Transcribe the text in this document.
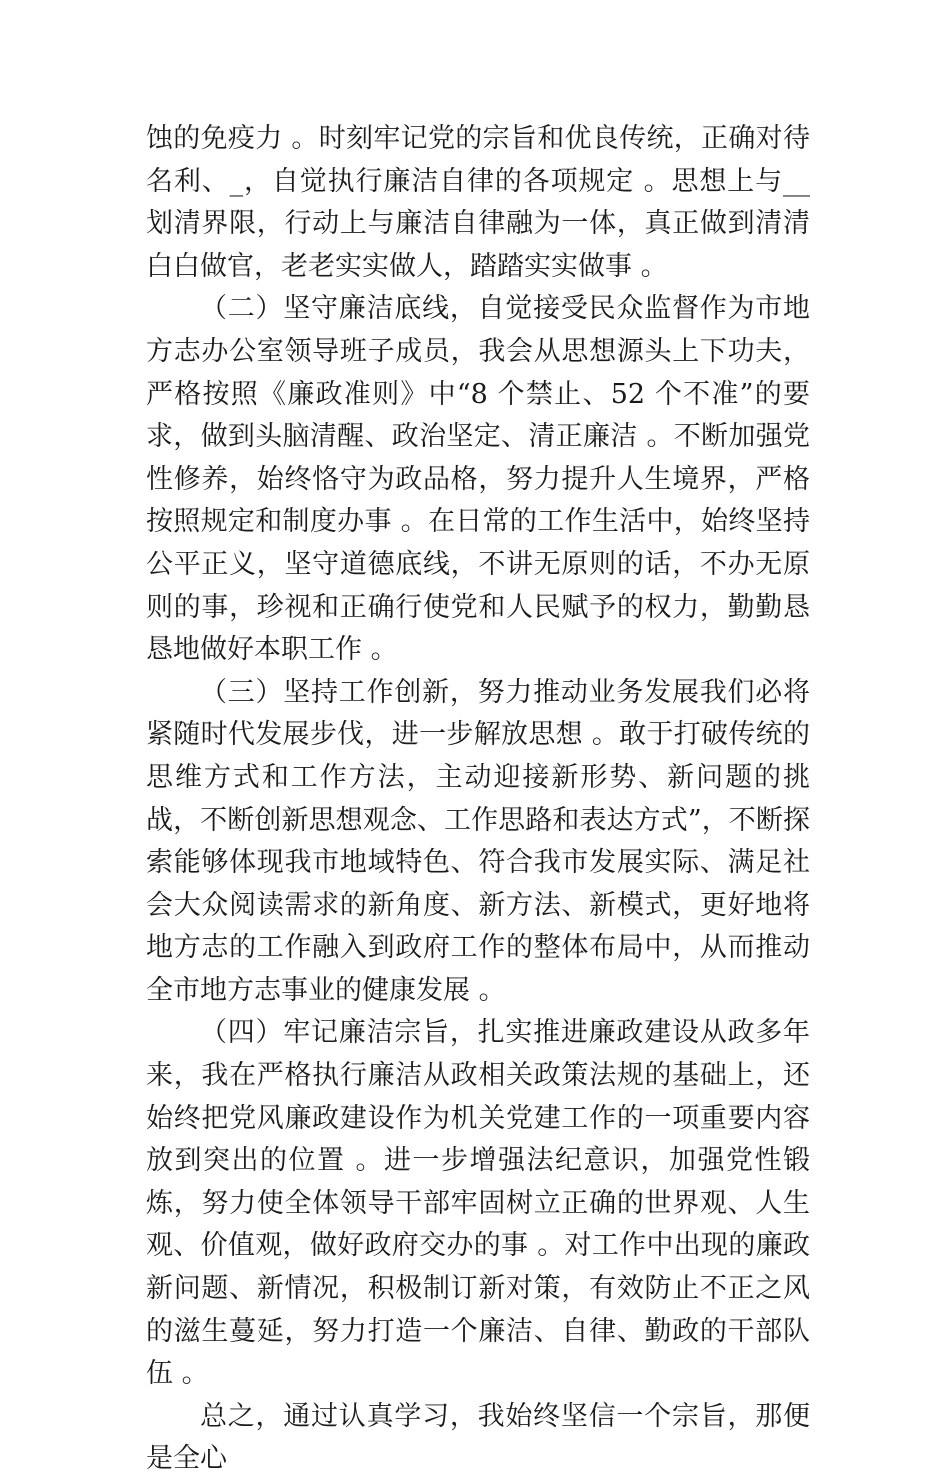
蚀的免疫力 。时刻牢记党的宗旨和优良传统，正确对待名利、_，自觉执行廉洁自律的各项规定 。思想上与__划清界限，行动上与廉洁自律融为一体，真正做到清清白白做官，老老实实做人，踏踏实实做事 。

（二）坚守廉洁底线，自觉接受民众监督作为市地方志办公室领导班子成员，我会从思想源头上下功夫，严格按照《廉政准则》中“8 个禁止、52 个不准”的要求，做到头脑清醒、政治坚定、清正廉洁 。不断加强党性修养，始终恪守为政品格，努力提升人生境界，严格按照规定和制度办事 。在日常的工作生活中，始终坚持公平正义，坚守道德底线，不讲无原则的话，不办无原则的事，珍视和正确行使党和人民赋予的权力，勤勤恳恳地做好本职工作 。

（三）坚持工作创新，努力推动业务发展我们必将紧随时代发展步伐，进一步解放思想 。敢于打破传统的思维方式和工作方法，主动迎接新形势、新问题的挑战，不断创新思想观念、工作思路和表达方式”，不断探索能够体现我市地域特色、符合我市发展实际、满足社会大众阅读需求的新角度、新方法、新模式，更好地将地方志的工作融入到政府工作的整体布局中，从而推动全市地方志事业的健康发展 。

（四）牢记廉洁宗旨，扎实推进廉政建设从政多年来，我在严格执行廉洁从政相关政策法规的基础上，还始终把党风廉政建设作为机关党建工作的一项重要内容放到突出的位置 。进一步增强法纪意识，加强党性锻炼，努力使全体领导干部牢固树立正确的世界观、人生观、价值观，做好政府交办的事 。对工作中出现的廉政新问题、新情况，积极制订新对策，有效防止不正之风的滋生蔓延，努力打造一个廉洁、自律、勤政的干部队伍 。

总之，通过认真学习，我始终坚信一个宗旨，那便是全心
